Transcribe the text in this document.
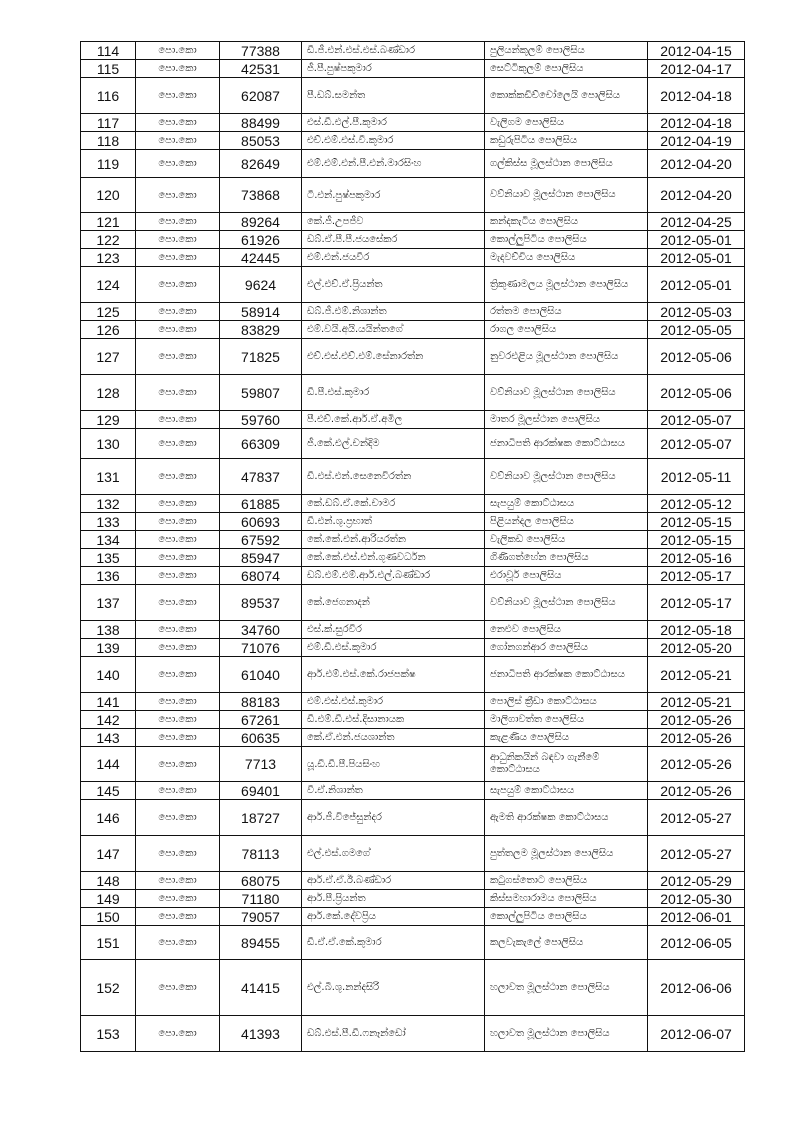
114	පො.කො	77388	ඩී.ජී.එන්.එස්.එස්.බණ්ඩාර	පුලියන්කුලම් පොලිසිය	2012-04-15
115	පො.කො	42531	ජී.පී.පුෂ්පකුමාර	සෙට්ටිකුලම් පොලිසිය	2012-04-17
116	පො.කො	62087	පී.ඩබ්.සමන්ත	කොක්කඩිච්චෝලෙයි පොලිසිය	2012-04-18
117	පො.කො	88499	එස්.ඩී.එල්.පී.කුමාර	වැලිගම පොලිසිය	2012-04-18
118	පො.කො	85053	එච්.එම්.එස්.වී.කුමාර	කඩුරුපිටිය පොලිසිය	2012-04-19
119	පො.කො	82649	එම්.එම්.එන්.පී.එන්.මාරසිංහ	ගල්කිස්ස මූලස්ථාන පොලිසිය	2012-04-20
120	පො.කො	73868	ටී.එන්.පුෂ්පකුමාර	වව්නියාව මූලස්ථාන පොලිසිය	2012-04-20
121	පො.කො	89264	කේ.ජී.උපජීව	කන්දකැටිය පොලිසිය	2012-04-25
122	පො.කො	61926	ඩබ්.ඒ.පී.පී.ජයසේකර	කොල්ලුපිටිය පොලිසිය	2012-05-01
123	පො.කො	42445	එම්.එන්.ජයවීර	මැදවච්චිය පොලිසිය	2012-05-01
124	පො.කො	9624	එල්.එච්.ඒ.ප්‍රියන්ත	ත්‍රිකුණාමලය මූලස්ථාන පොලිසිය	2012-05-01
125	පො.කො	58914	ඩබ්.ජී.එම්.නිශාන්ත	රත්තම පොලිසිය	2012-05-03
126	පො.කො	83829	එම්.වයි.අයි.යයින්තගේ	රාගල පොලිසිය	2012-05-05
127	පො.කො	71825	එච්.එස්.එච්.එම්.සේනාරත්න	නුවරඑළිය මූලස්ථාන පොලිසිය	2012-05-06
128	පො.කො	59807	ඩී.පී.එස්.කුමාර	වව්නියාව මූලස්ථාන පොලිසිය	2012-05-06
129	පො.කො	59760	පී.එච්.කේ.ආර්.ඒ.අමිල	මාතර මූලස්ථාන පොලිසිය	2012-05-07
130	පො.කො	66309	ජී.කේ.එල්.චන්දිම	ජනාධිපති ආරක්ෂක කොට්ඨාසය	2012-05-07
131	පො.කො	47837	ඩී.එස්.එන්.සෙනෙවිරත්න	වව්නියාව මූලස්ථාන පොලිසිය	2012-05-11
132	පො.කො	61885	කේ.ඩබ්.ඒ.කේ.චාමර	සැපයුම් කොට්ඨාසය	2012-05-12
133	පො.කො	60693	ඩී.එන්.ශු.ප්‍රභාත්	පිළියන්දල පොලිසිය	2012-05-15
134	පො.කො	67592	කේ.කේ.එන්.ආරියරත්න	වැලිකඩ පොලිසිය	2012-05-15
135	පො.කො	85947	කේ.කේ.එස්.එන්.ගුණවර්ධන	ගිණිගත්හේන පොලිසිය	2012-05-16
136	පො.කො	68074	ඩබ්.එම්.එම්.ආර්.එල්.බණ්ඩාර	එරාවූර් පොලිසිය	2012-05-17
137	පො.කො	89537	කේ.ජෙගනාදන්	වව්නියාව මූලස්ථාන පොලිසිය	2012-05-17
138	පො.කො	34760	එස්.ක්.සුරවීර	නෙළුව පොලිසිය	2012-05-18
139	පො.කො	71076	එම්.ඩී.එස්.කුමාර	ගෝනගන්ආර පොලිසිය	2012-05-20
140	පො.කො	61040	ආර්.එම්.එස්.කේ.රාජපක්ෂ	ජනාධිපති ආරක්ෂක කොට්ඨාසය	2012-05-21
141	පො.කො	88183	එම්.එස්.එස්.කුමාර	පොලිස් ක්‍රීඩා කොට්ඨාසය	2012-05-21
142	පො.කො	67261	ඩී.එම්.ඩී.එස්.දිසානායක	මාලිගාවත්ත පොලිසිය	2012-05-26
143	පො.කො	60635	කේ.ඒ.එන්.ජයශාන්ත	කැළණිය පොලිසිය	2012-05-26
144	පො.කො	7713	යූ.ඩී.ඩී.පී.පියසිංහ	ආධුනිකයින් බඳවා ගැනීමේ කොට්ඨාසය	2012-05-26
145	පො.කො	69401	වී.ඒ.නිශාන්ත	සැපයුම් කොට්ඨාසය	2012-05-26
146	පො.කො	18727	ආර්.ජී.විජේසුන්දර	ඇමති ආරක්ෂක කොට්ඨාසය	2012-05-27
147	පො.කො	78113	එල්.එස්.ගමගේ	පුත්තලම මූලස්ථාන පොලිසිය	2012-05-27
148	පො.කො	68075	ආර්.ඒ.ඒ.ඊ.බණ්ඩාර	කටුගස්තොට පොලිසිය	2012-05-29
149	පො.කො	71180	ආර්.පී.ප්‍රියන්ත	කිස්සමහාරාමය පොලිසිය	2012-05-30
150	පො.කො	79057	ආර්.කේ.දේවප්‍රිය	කොල්ලුපිටිය පොලිසිය	2012-06-01
151	පො.කො	89455	ඩී.ඒ.ඒ.කේ.කුමාර	කලවැකැලේ පොලිසිය	2012-06-05
152	පො.කො	41415	එල්.බී.ශු.නන්දසිරි	හලාවත මූලස්ථාන පොලිසිය	2012-06-06
153	පො.කො	41393	ඩබ්.එස්.පී.ඩී.ෆනෑන්ඩෝ	හලාවත මූලස්ථාන පොලිසිය	2012-06-07
